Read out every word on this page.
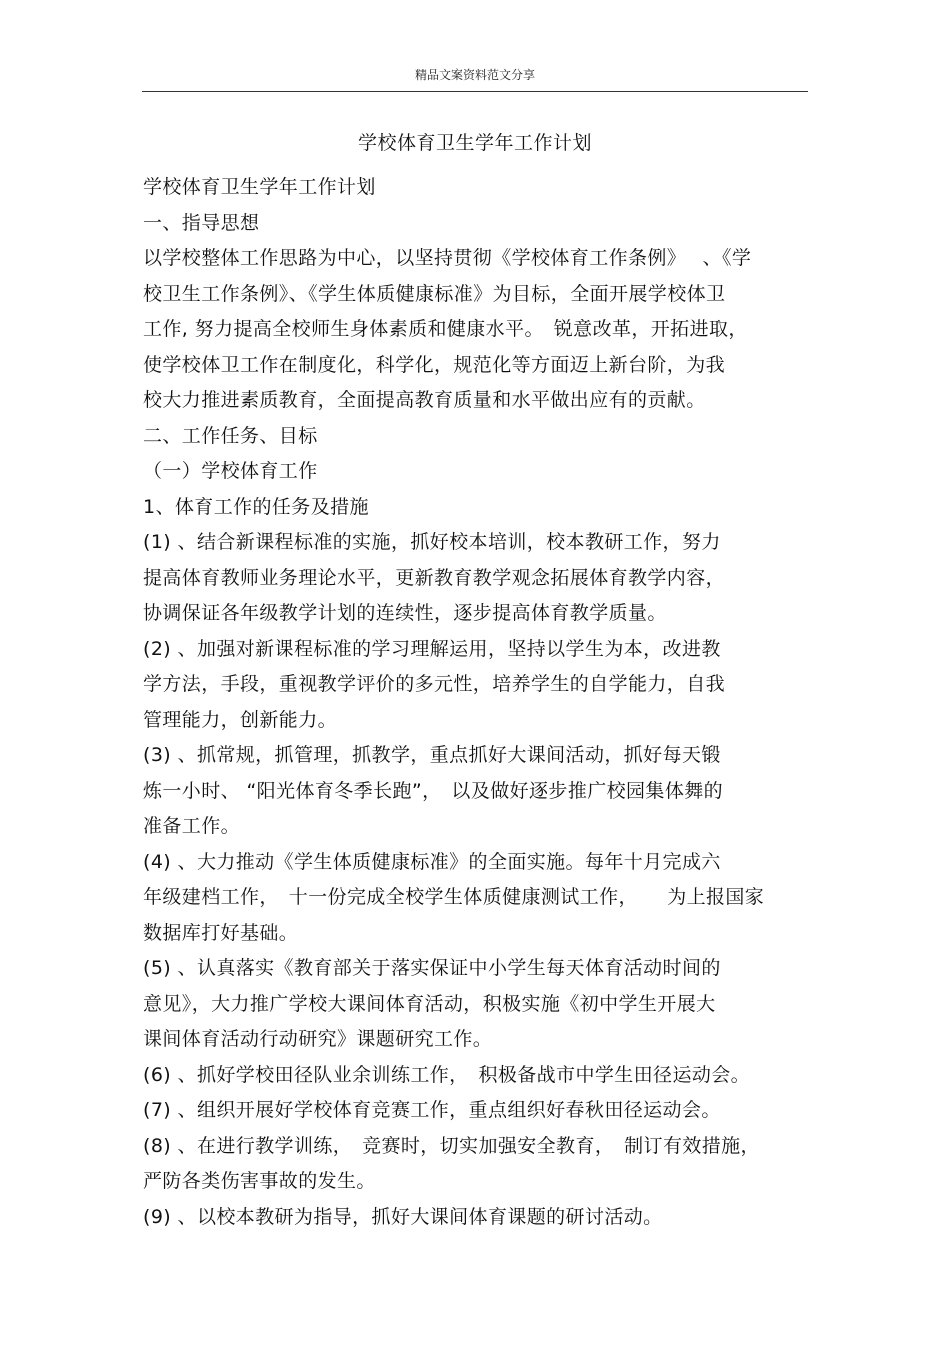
精品文案资料范文分享
学校体育卫生学年工作计划
学校体育卫生学年工作计划
一、指导思想
以学校整体工作思路为中心，以坚持贯彻《学校体育工作条例》　 、《学
校卫生工作条例》、《学生体质健康标准》为目标，全面开展学校体卫
工作, 努力提高全校师生身体素质和健康水平。　锐意改革，开拓进取，
使学校体卫工作在制度化，科学化，规范化等方面迈上新台阶，为我
校大力推进素质教育，全面提高教育质量和水平做出应有的贡献。
二、工作任务、目标
（一）学校体育工作
1、体育工作的任务及措施
(1) 、结合新课程标准的实施，抓好校本培训，校本教研工作，努力
提高体育教师业务理论水平，更新教育教学观念拓展体育教学内容，
协调保证各年级教学计划的连续性，逐步提高体育教学质量。
(2) 、加强对新课程标准的学习理解运用，坚持以学生为本，改进教
学方法，手段，重视教学评价的多元性，培养学生的自学能力，自我
管理能力，创新能力。
(3) 、抓常规，抓管理，抓教学，重点抓好大课间活动，抓好每天锻
炼一小时、 “阳光体育冬季长跑”，　以及做好逐步推广校园集体舞的
准备工作。
(4) 、大力推动《学生体质健康标准》的全面实施。每年十月完成六
年级建档工作，　十一份完成全校学生体质健康测试工作，　　为上报国家
数据库打好基础。
(5) 、认真落实《教育部关于落实保证中小学生每天体育活动时间的
意见》，大力推广学校大课间体育活动，积极实施《初中学生开展大
课间体育活动行动研究》课题研究工作。
(6) 、抓好学校田径队业余训练工作，　积极备战市中学生田径运动会。
(7) 、组织开展好学校体育竞赛工作，重点组织好春秋田径运动会。
(8) 、在进行教学训练，　竞赛时，切实加强安全教育，　制订有效措施，
严防各类伤害事故的发生。
(9) 、以校本教研为指导，抓好大课间体育课题的研讨活动。
